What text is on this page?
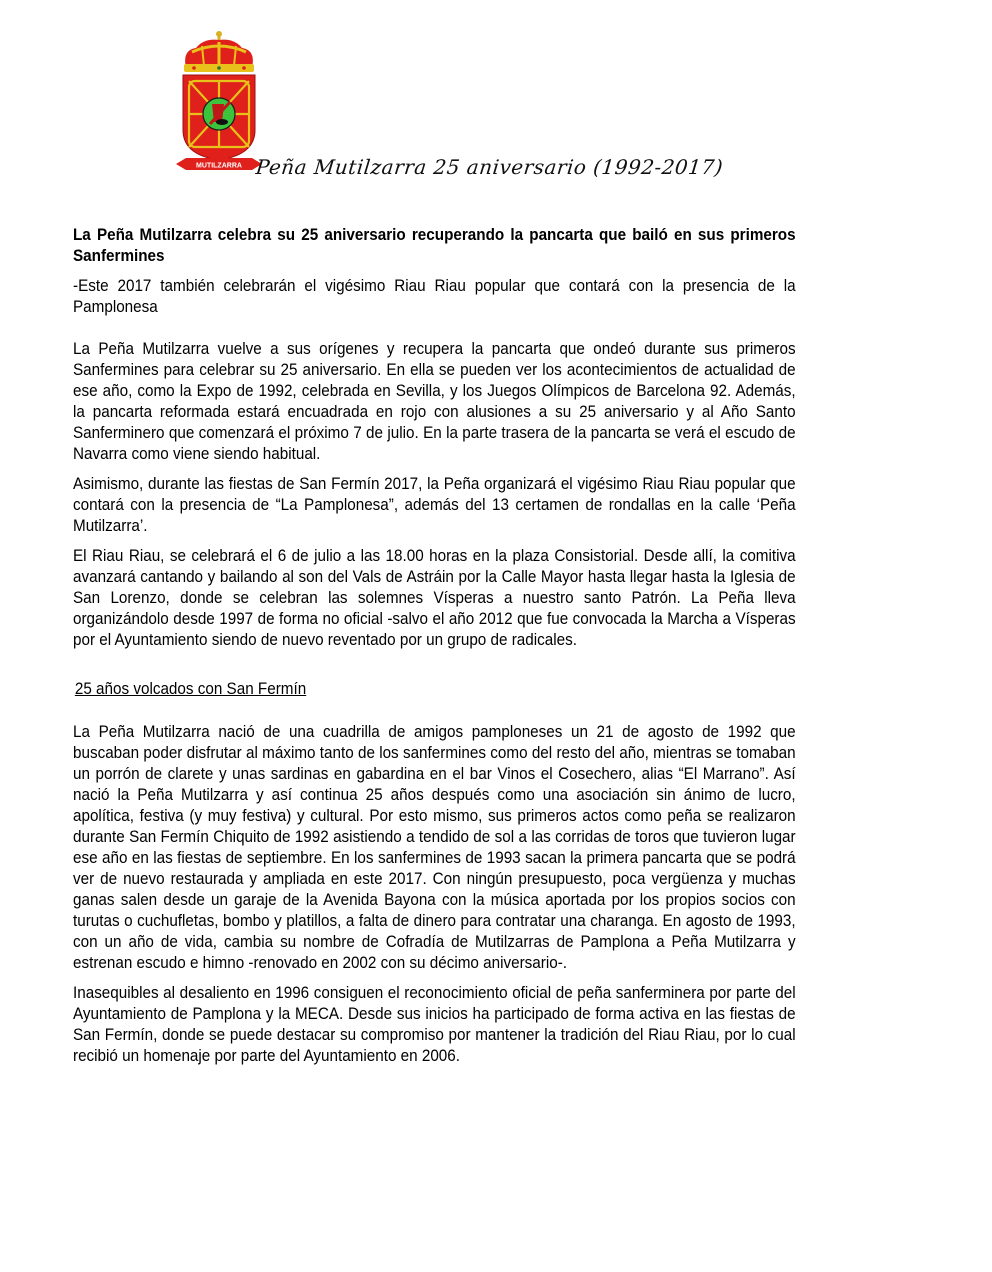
MUTILZARRA Peña Mutilzarra 25 aniversario (1992-2017)

La Peña Mutilzarra celebra su 25 aniversario recuperando la pancarta que bailó en sus primeros Sanfermines

-Este 2017 también celebrarán el vigésimo Riau Riau popular que contará con la presencia de la Pamplonesa

La Peña Mutilzarra vuelve a sus orígenes y recupera la pancarta que ondeó durante sus primeros Sanfermines para celebrar su 25 aniversario. En ella se pueden ver los acontecimientos de actualidad de ese año, como la Expo de 1992, celebrada en Sevilla, y los Juegos Olímpicos de Barcelona 92. Además, la pancarta reformada estará encuadrada en rojo con alusiones a su 25 aniversario y al Año Santo Sanferminero que comenzará el próximo 7 de julio. En la parte trasera de la pancarta se verá el escudo de Navarra como viene siendo habitual.

Asimismo, durante las fiestas de San Fermín 2017, la Peña organizará el vigésimo Riau Riau popular que contará con la presencia de “La Pamplonesa”, además del 13 certamen de rondallas en la calle ‘Peña Mutilzarra’.

El Riau Riau, se celebrará el 6 de julio a las 18.00 horas en la plaza Consistorial. Desde allí, la comitiva avanzará cantando y bailando al son del Vals de Astráin por la Calle Mayor hasta llegar hasta la Iglesia de San Lorenzo, donde se celebran las solemnes Vísperas a nuestro santo Patrón. La Peña lleva organizándolo desde 1997 de forma no oficial -salvo el año 2012 que fue convocada la Marcha a Vísperas por el Ayuntamiento siendo de nuevo reventado por un grupo de radicales.

25 años volcados con San Fermín

La Peña Mutilzarra nació de una cuadrilla de amigos pamploneses un 21 de agosto de 1992 que buscaban poder disfrutar al máximo tanto de los sanfermines como del resto del año, mientras se tomaban un porrón de clarete y unas sardinas en gabardina en el bar Vinos el Cosechero, alias “El Marrano”. Así nació la Peña Mutilzarra y así continua 25 años después como una asociación sin ánimo de lucro, apolítica, festiva (y muy festiva) y cultural. Por esto mismo, sus primeros actos como peña se realizaron durante San Fermín Chiquito de 1992 asistiendo a tendido de sol a las corridas de toros que tuvieron lugar ese año en las fiestas de septiembre. En los sanfermines de 1993 sacan la primera pancarta que se podrá ver de nuevo restaurada y ampliada en este 2017. Con ningún presupuesto, poca vergüenza y muchas ganas salen desde un garaje de la Avenida Bayona con la música aportada por los propios socios con turutas o cuchufletas, bombo y platillos, a falta de dinero para contratar una charanga. En agosto de 1993, con un año de vida, cambia su nombre de Cofradía de Mutilzarras de Pamplona a Peña Mutilzarra y estrenan escudo e himno -renovado en 2002 con su décimo aniversario-.

Inasequibles al desaliento en 1996 consiguen el reconocimiento oficial de peña sanferminera por parte del Ayuntamiento de Pamplona y la MECA. Desde sus inicios ha participado de forma activa en las fiestas de San Fermín, donde se puede destacar su compromiso por mantener la tradición del Riau Riau, por lo cual recibió un homenaje por parte del Ayuntamiento en 2006.
